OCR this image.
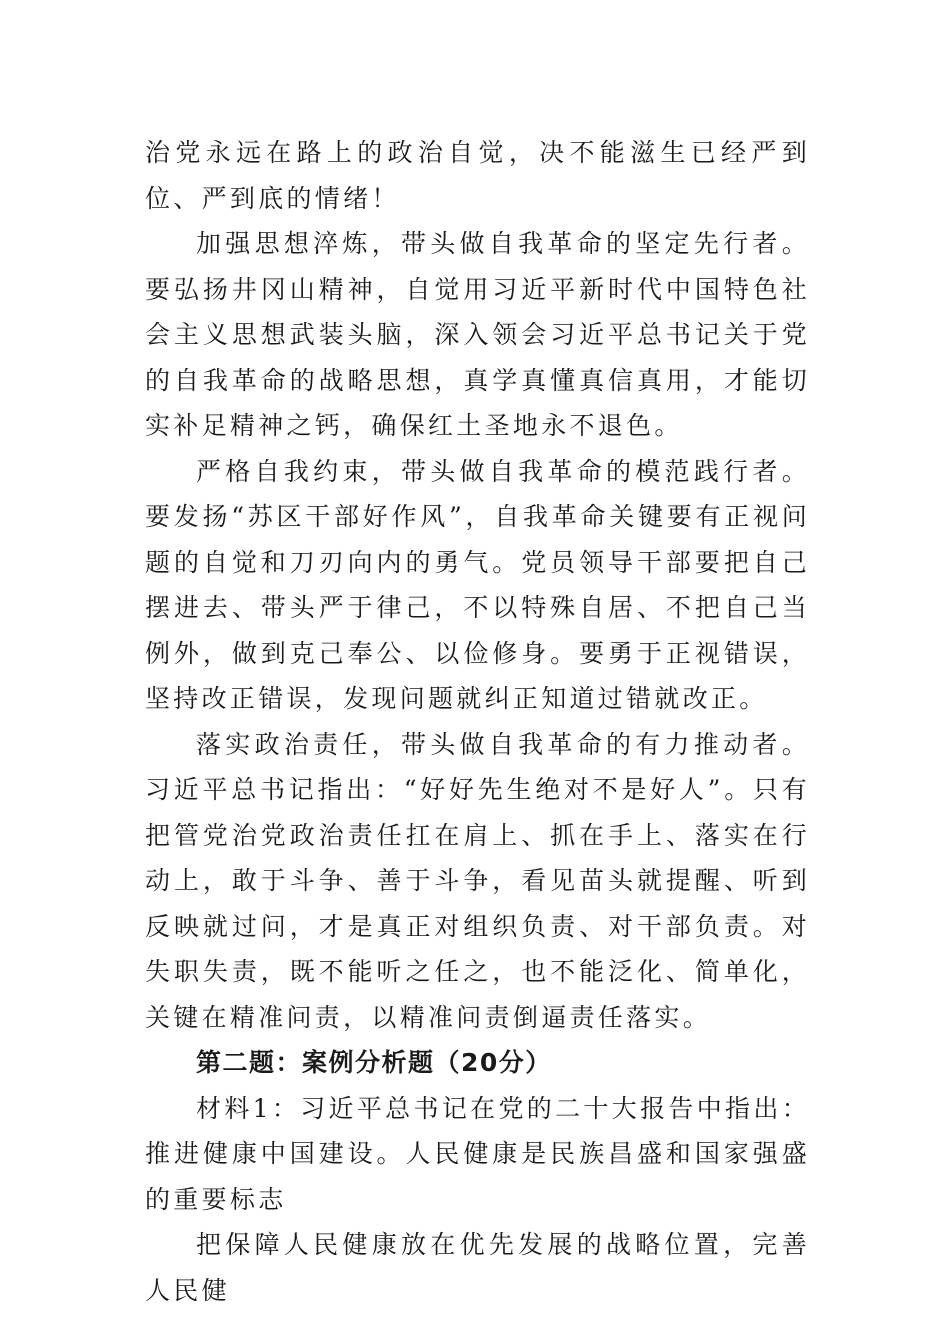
治党永远在路上的政治自觉，决不能滋生已经严到位、严到底的情绪！

加强思想淬炼，带头做自我革命的坚定先行者。要弘扬井冈山精神，自觉用习近平新时代中国特色社会主义思想武装头脑，深入领会习近平总书记关于党的自我革命的战略思想，真学真懂真信真用，才能切实补足精神之钙，确保红土圣地永不退色。

严格自我约束，带头做自我革命的模范践行者。要发扬“苏区干部好作风”，自我革命关键要有正视问题的自觉和刀刃向内的勇气。党员领导干部要把自己摆进去、带头严于律己，不以特殊自居、不把自己当例外，做到克己奉公、以俭修身。要勇于正视错误，坚持改正错误，发现问题就纠正知道过错就改正。

落实政治责任，带头做自我革命的有力推动者。习近平总书记指出：“好好先生绝对不是好人”。只有把管党治党政治责任扛在肩上、抓在手上、落实在行动上，敢于斗争、善于斗争，看见苗头就提醒、听到反映就过问，才是真正对组织负责、对干部负责。对失职失责，既不能听之任之，也不能泛化、简单化，关键在精准问责，以精准问责倒逼责任落实。

第二题：案例分析题（20分）

材料1：习近平总书记在党的二十大报告中指出：推进健康中国建设。人民健康是民族昌盛和国家强盛的重要标志

把保障人民健康放在优先发展的战略位置，完善人民健
